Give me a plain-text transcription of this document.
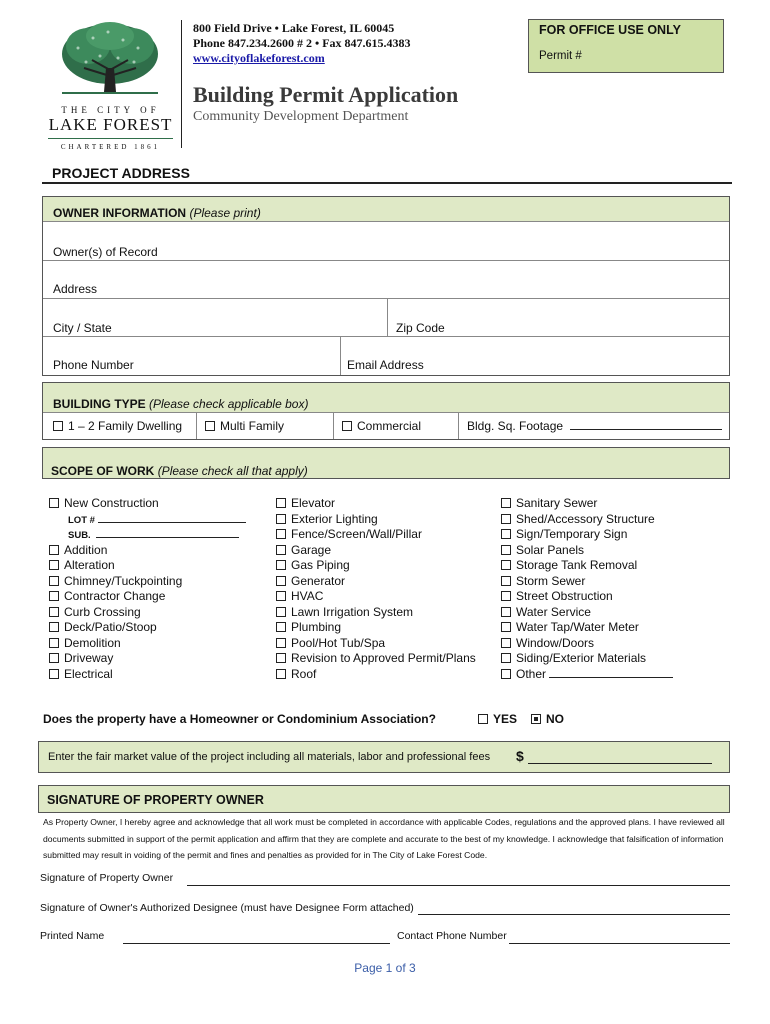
THE CITY OF
LAKE FOREST
CHARTERED 1861
800 Field Drive • Lake Forest, IL 60045
Phone 847.234.2600 # 2 • Fax 847.615.4383
www.cityoflakeforest.com
Building Permit Application
Community Development Department
FOR OFFICE USE ONLY
Permit #
PROJECT ADDRESS
OWNER INFORMATION (Please print)
Owner(s) of Record
Address
City / State	Zip Code
Phone Number	Email Address
BUILDING TYPE (Please check applicable box)
1 – 2 Family Dwelling	Multi Family	Commercial	Bldg. Sq. Footage
SCOPE OF WORK (Please check all that apply)
New Construction
LOT #
SUB.
Addition
Alteration
Chimney/Tuckpointing
Contractor Change
Curb Crossing
Deck/Patio/Stoop
Demolition
Driveway
Electrical
Elevator
Exterior Lighting
Fence/Screen/Wall/Pillar
Garage
Gas Piping
Generator
HVAC
Lawn Irrigation System
Plumbing
Pool/Hot Tub/Spa
Revision to Approved Permit/Plans
Roof
Sanitary Sewer
Shed/Accessory Structure
Sign/Temporary Sign
Solar Panels
Storage Tank Removal
Storm Sewer
Street Obstruction
Water Service
Water Tap/Water Meter
Window/Doors
Siding/Exterior Materials
Other
Does the property have a Homeowner or Condominium Association?	YES	NO
Enter the fair market value of the project including all materials, labor and professional fees $
SIGNATURE OF PROPERTY OWNER
As Property Owner, I hereby agree and acknowledge that all work must be completed in accordance with applicable Codes, regulations and the approved plans. I have reviewed all documents submitted in support of the permit application and affirm that they are complete and accurate to the best of my knowledge. I acknowledge that falsification of information submitted may result in voiding of the permit and fines and penalties as provided for in The City of Lake Forest Code.
Signature of Property Owner
Signature of Owner's Authorized Designee (must have Designee Form attached)
Printed Name	Contact Phone Number
Page 1 of 3
